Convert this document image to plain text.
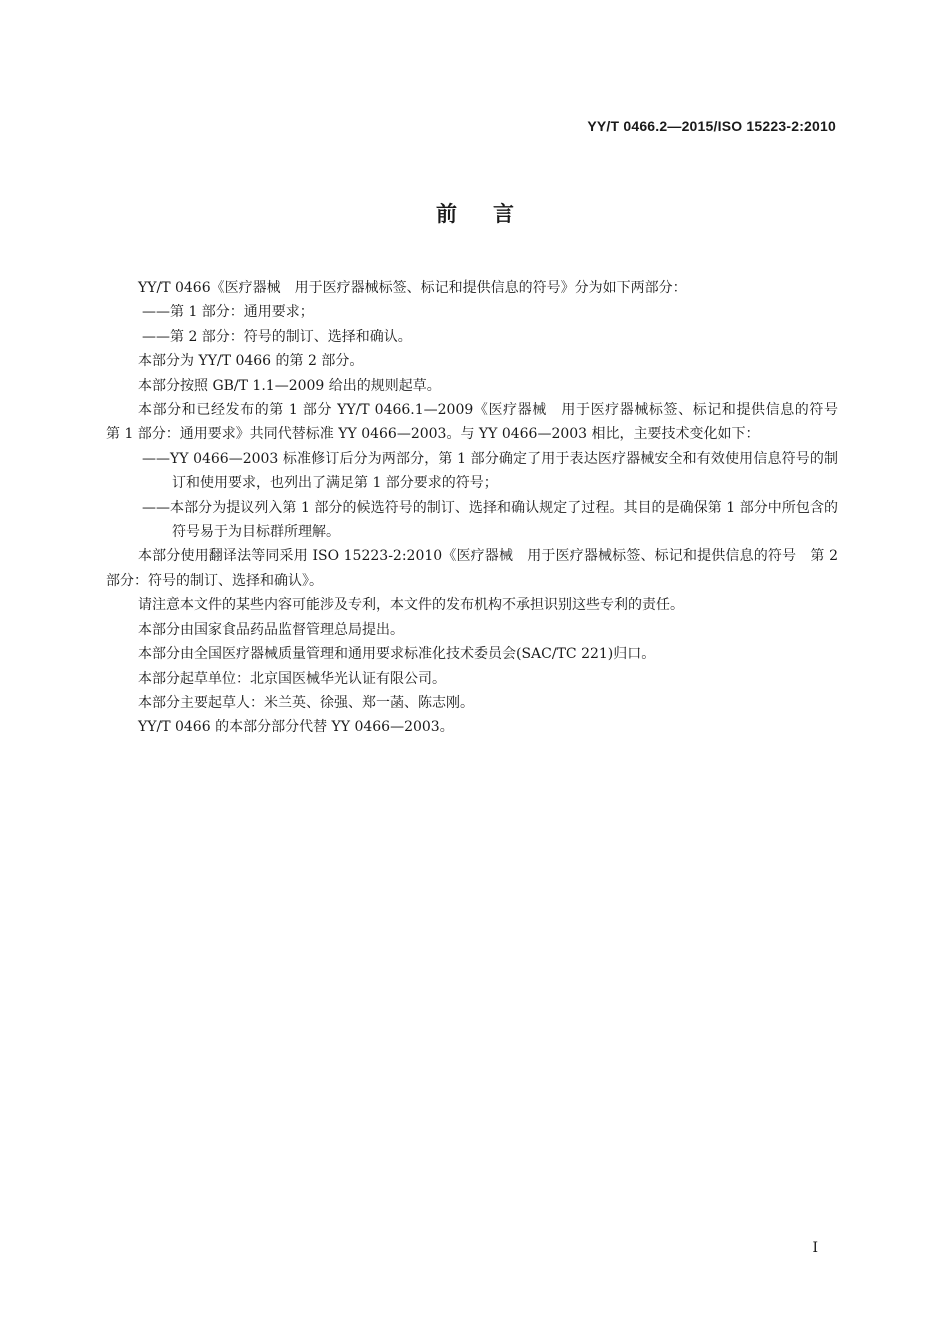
YY/T 0466.2—2015/ISO 15223-2:2010
前言

YY/T 0466《医疗器械　用于医疗器械标签、标记和提供信息的符号》分为如下两部分：

——第 1 部分：通用要求；

——第 2 部分：符号的制订、选择和确认。

本部分为 YY/T 0466 的第 2 部分。

本部分按照 GB/T 1.1—2009 给出的规则起草。

本部分和已经发布的第 1 部分 YY/T 0466.1—2009《医疗器械　用于医疗器械标签、标记和提供信息的符号　第 1 部分：通用要求》共同代替标准 YY 0466—2003。与 YY 0466—2003 相比，主要技术变化如下：

——YY 0466—2003 标准修订后分为两部分，第 1 部分确定了用于表达医疗器械安全和有效使用信息符号的制订和使用要求，也列出了满足第 1 部分要求的符号；

——本部分为提议列入第 1 部分的候选符号的制订、选择和确认规定了过程。其目的是确保第 1 部分中所包含的符号易于为目标群所理解。

本部分使用翻译法等同采用 ISO 15223-2:2010《医疗器械　用于医疗器械标签、标记和提供信息的符号　第 2 部分：符号的制订、选择和确认》。

请注意本文件的某些内容可能涉及专利，本文件的发布机构不承担识别这些专利的责任。

本部分由国家食品药品监督管理总局提出。

本部分由全国医疗器械质量管理和通用要求标准化技术委员会(SAC/TC 221)归口。

本部分起草单位：北京国医械华光认证有限公司。

本部分主要起草人：米兰英、徐强、郑一菡、陈志刚。

YY/T 0466 的本部分部分代替 YY 0466—2003。

I
